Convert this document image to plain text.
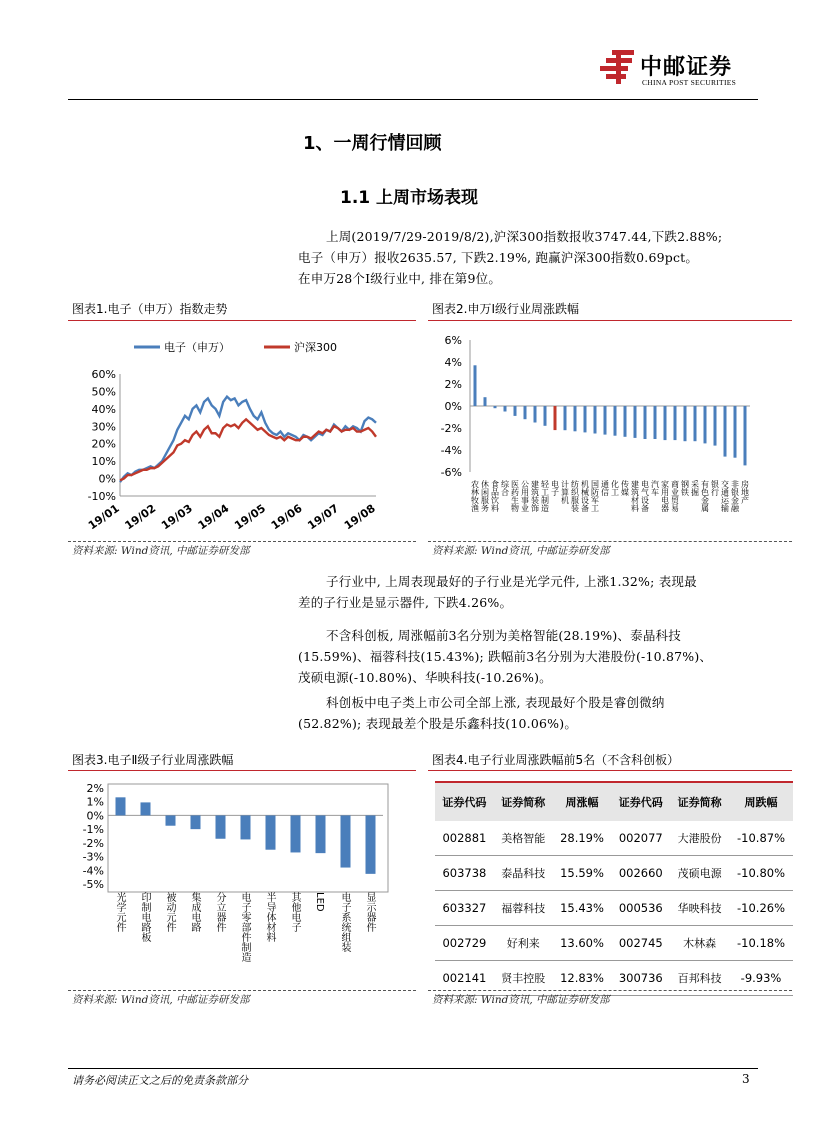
中邮证券
CHINA POST SECURITIES
1、一周行情回顾
1.1 上周市场表现
上周(2019/7/29-2019/8/2),沪深300指数报收3747.44,下跌2.88%;
电子（申万）报收2635.57, 下跌2.19%, 跑赢沪深300指数0.69pct。
在申万28个Ⅰ级行业中, 排在第9位。
图表1.电子（申万）指数走势	图表2.申万Ⅰ级行业周涨跌幅
电子（申万）	沪深300
60%
50%
40%
30%
20%
10%
0%
-10%
19/01 19/02 19/03 19/04 19/05 19/06 19/07 19/08
6%
4%
2%
0%
-2%
-4%
-6%
农林牧渔 休闲服务 食品饮料 综合 医药生物 公用事业 建筑装饰 轻工制造 电子 计算机 纺织服装 机械设备 国防军工 通信 化工 传媒 建筑材料 电气设备 汽车 家用电器 商业贸易 钢铁 采掘 有色金属 银行 交通运输 非银金融 房地产
资料来源: Wind资讯, 中邮证券研发部	资料来源: Wind资讯, 中邮证券研发部
子行业中, 上周表现最好的子行业是光学元件, 上涨1.32%; 表现最
差的子行业是显示器件, 下跌4.26%。
不含科创板, 周涨幅前3名分别为美格智能(28.19%)、泰晶科技
(15.59%)、福蓉科技(15.43%); 跌幅前3名分别为大港股份(-10.87%)、
茂硕电源(-10.80%)、华映科技(-10.26%)。
科创板中电子类上市公司全部上涨, 表现最好个股是睿创微纳
(52.82%); 表现最差个股是乐鑫科技(10.06%)。
图表3.电子Ⅱ级子行业周涨跌幅	图表4.电子行业周涨跌幅前5名（不含科创板）
2%
1%
0%
-1%
-2%
-3%
-4%
-5%
光学元件 印制电路板 被动元件 集成电路 分立器件 电子零部件制造 半导体材料 其他电子 LED 电子系统组装 显示器件
证券代码	证券简称	周涨幅	证券代码	证券简称	周跌幅
002881	美格智能	28.19%	002077	大港股份	-10.87%
603738	泰晶科技	15.59%	002660	茂硕电源	-10.80%
603327	福蓉科技	15.43%	000536	华映科技	-10.26%
002729	好利来	13.60%	002745	木林森	-10.18%
002141	贤丰控股	12.83%	300736	百邦科技	-9.93%
资料来源: Wind资讯, 中邮证券研发部	资料来源: Wind资讯, 中邮证券研发部
请务必阅读正文之后的免责条款部分	3
